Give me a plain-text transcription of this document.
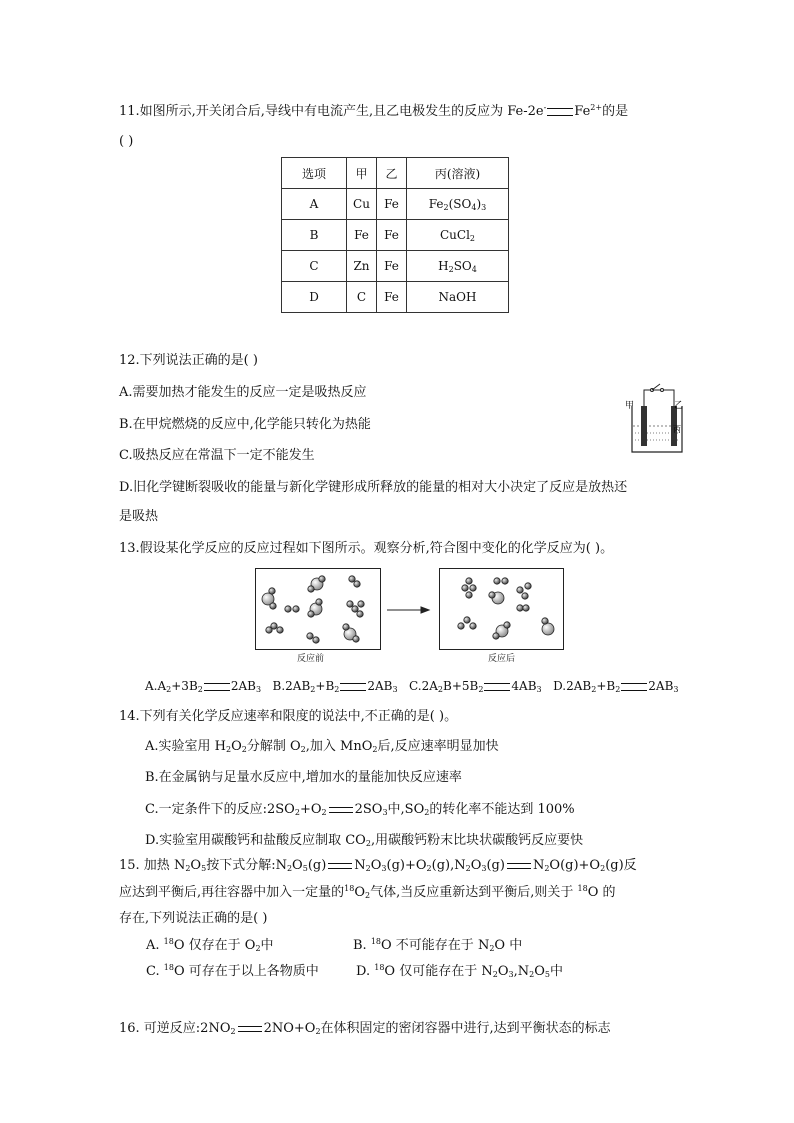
11.如图所示,开关闭合后,导线中有电流产生,且乙电极发生的反应为 Fe-2e- $Fe^{2+}$的是
( )
选项	甲	乙	丙(溶液)
A	Cu	Fe	$Fe_2(SO_4)_3$
B	Fe	Fe	CuCl$_2$
C	Zn	Fe	$H_2SO_4$
D	C	Fe	NaOH
12.下列说法正确的是( )
A.需要加热才能发生的反应一定是吸热反应
B.在甲烷燃烧的反应中,化学能只转化为热能
C.吸热反应在常温下一定不能发生
D.旧化学键断裂吸收的能量与新化学键形成所释放的能量的相对大小决定了反应是放热还
是吸热
甲	乙
丙
13.假设某化学反应的反应过程如下图所示。观察分析,符合图中变化的化学反应为( )。
反应前	反应后
$A.A_2+3B_2$ $2AB_3$ $B.2AB_2+B_2$ $2AB_3$ $C.2A_2B+5B_2$ $4AB_3$ $D.2AB_2+B_2$ $2AB_3$
14.下列有关化学反应速率和限度的说法中,不正确的是( )。
A.实验室用 $H_2O_2$分解制 $O_2$,加入 MnO$_2$后,反应速率明显加快
B.在金属钠与足量水反应中,增加水的量能加快反应速率
C.一定条件下的反应$:2SO_2+O_2$ $2SO_3$中$,SO_2$的转化率不能达到 100%
D.实验室用碳酸钙和盐酸反应制取 $CO_2$,用碳酸钙粉末比块状碳酸钙反应要快
15. 加热 $N_2O_5$按下式分解$:N_2O_5(g)$ $N_2O_3(g)+O_2(g),N_2O_3(g)$ $N_2O(g)+O_2(g)$反
应达到平衡后,再往容器中加入一定量的$^{18}O_2$气体,当反应重新达到平衡后,则关于 $^{18}$O 的
存在,下列说法正确的是( )
A. $^{18}$O 仅存在于 $O_2$中	B. $^{18}$O 不可能存在于 $N_2O$ 中
C. $^{18}$O 可存在于以上各物质中	D. $^{18}$O 仅可能存在于 $N_2O_3,N_2O_5$中
16. 可逆反应$:2NO_2$ $2NO+O_2$在体积固定的密闭容器中进行,达到平衡状态的标志
